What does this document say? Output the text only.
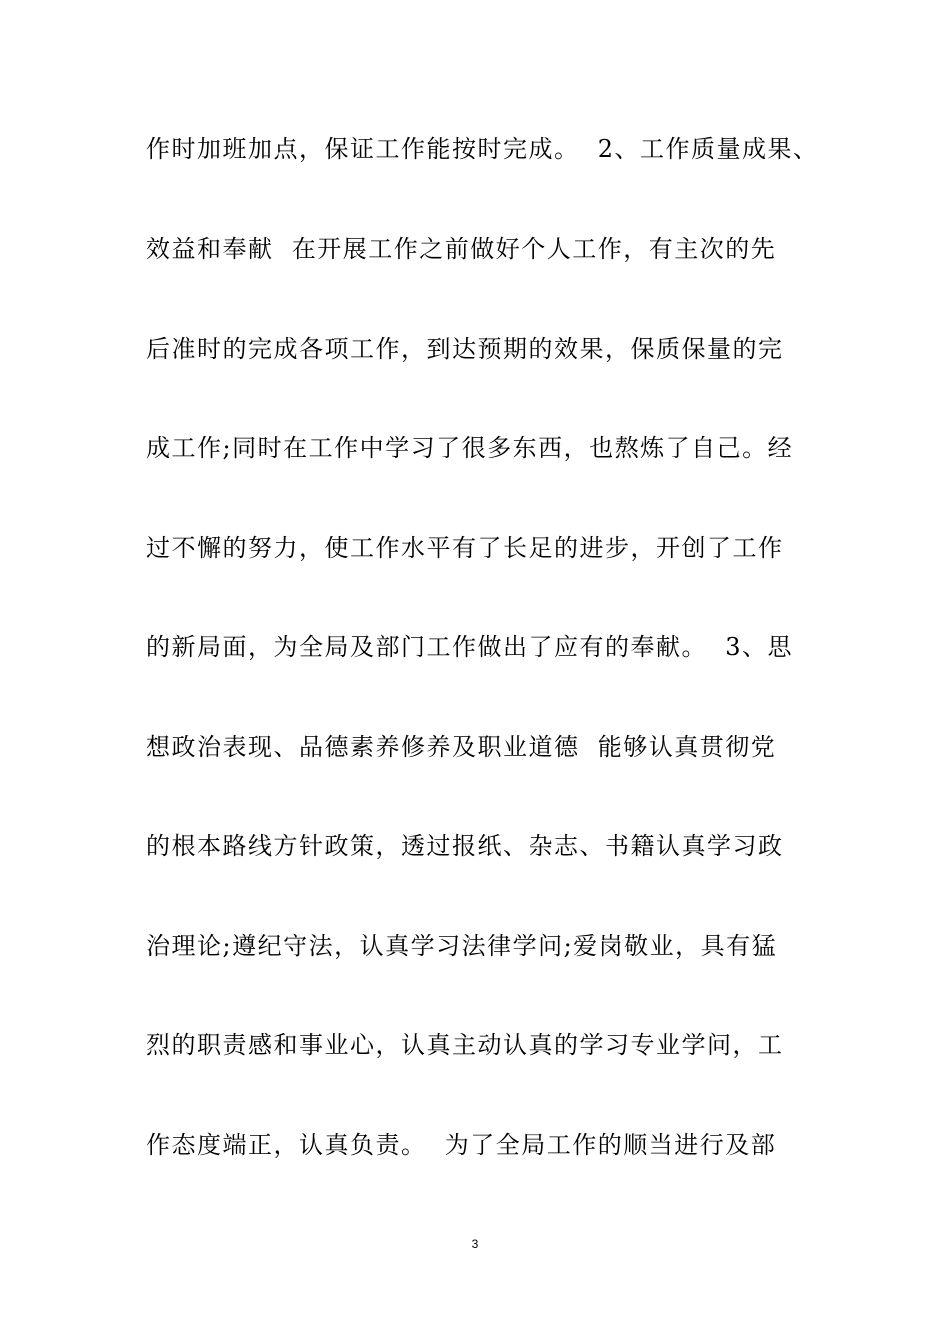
作时加班加点，保证工作能按时完成。  2、工作质量成果、
效益和奉献  在开展工作之前做好个人工作，有主次的先
后准时的完成各项工作，到达预期的效果，保质保量的完
成工作;同时在工作中学习了很多东西，也熬炼了自己。经
过不懈的努力，使工作水平有了长足的进步，开创了工作
的新局面，为全局及部门工作做出了应有的奉献。  3、思
想政治表现、品德素养修养及职业道德  能够认真贯彻党
的根本路线方针政策，透过报纸、杂志、书籍认真学习政
治理论;遵纪守法，认真学习法律学问;爱岗敬业，具有猛
烈的职责感和事业心，认真主动认真的学习专业学问，工
作态度端正，认真负责。  为了全局工作的顺当进行及部
3
